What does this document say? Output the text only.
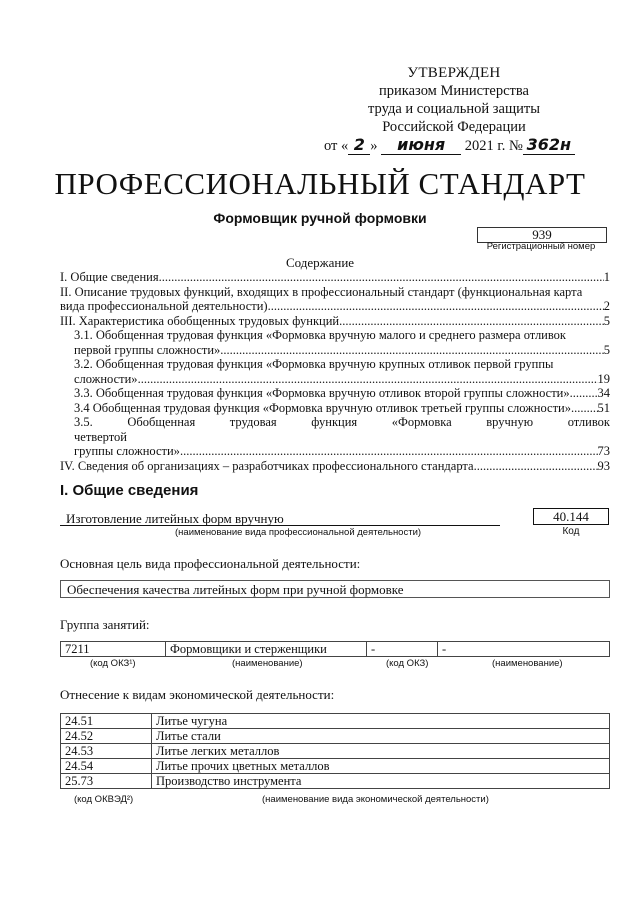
УТВЕРЖДЕН
приказом Министерства
труда и социальной защиты
Российской Федерации
от « 2 » июня 2021 г. № 362н
ПРОФЕССИОНАЛЬНЫЙ СТАНДАРТ
Формовщик ручной формовки
939
Регистрационный номер
Содержание
I. Общие сведения .....	1
II. Описание трудовых функций, входящих в профессиональный стандарт (функциональная карта
вида профессиональной деятельности) .....	2
III. Характеристика обобщенных трудовых функций .....	5
3.1. Обобщенная трудовая функция «Формовка вручную малого и среднего размера отливок
первой группы сложности» .....	5
3.2. Обобщенная трудовая функция «Формовка вручную крупных отливок первой группы
сложности» .....	19
3.3. Обобщенная трудовая функция «Формовка вручную отливок второй группы сложности» ..... 34
3.4 Обобщенная трудовая функция «Формовка вручную отливок третьей группы сложности» ..... 51
3.5. Обобщенная трудовая функция «Формовка вручную отливок четвертой
группы сложности» .....	73
IV. Сведения об организациях – разработчиках профессионального стандарта .....	93
I. Общие сведения
Изготовление литейных форм вручную
(наименование вида профессиональной деятельности)
40.144
Код
Основная цель вида профессиональной деятельности:
Обеспечения качества литейных форм при ручной формовке
Группа занятий:
7211	Формовщики и стерженщики	-	-
(код ОКЗ¹)	(наименование)	(код ОКЗ)	(наименование)
Отнесение к видам экономической деятельности:
24.51	Литье чугуна
24.52	Литье стали
24.53	Литье легких металлов
24.54	Литье прочих цветных металлов
25.73	Производство инструмента
(код ОКВЭД²)	(наименование вида экономической деятельности)
